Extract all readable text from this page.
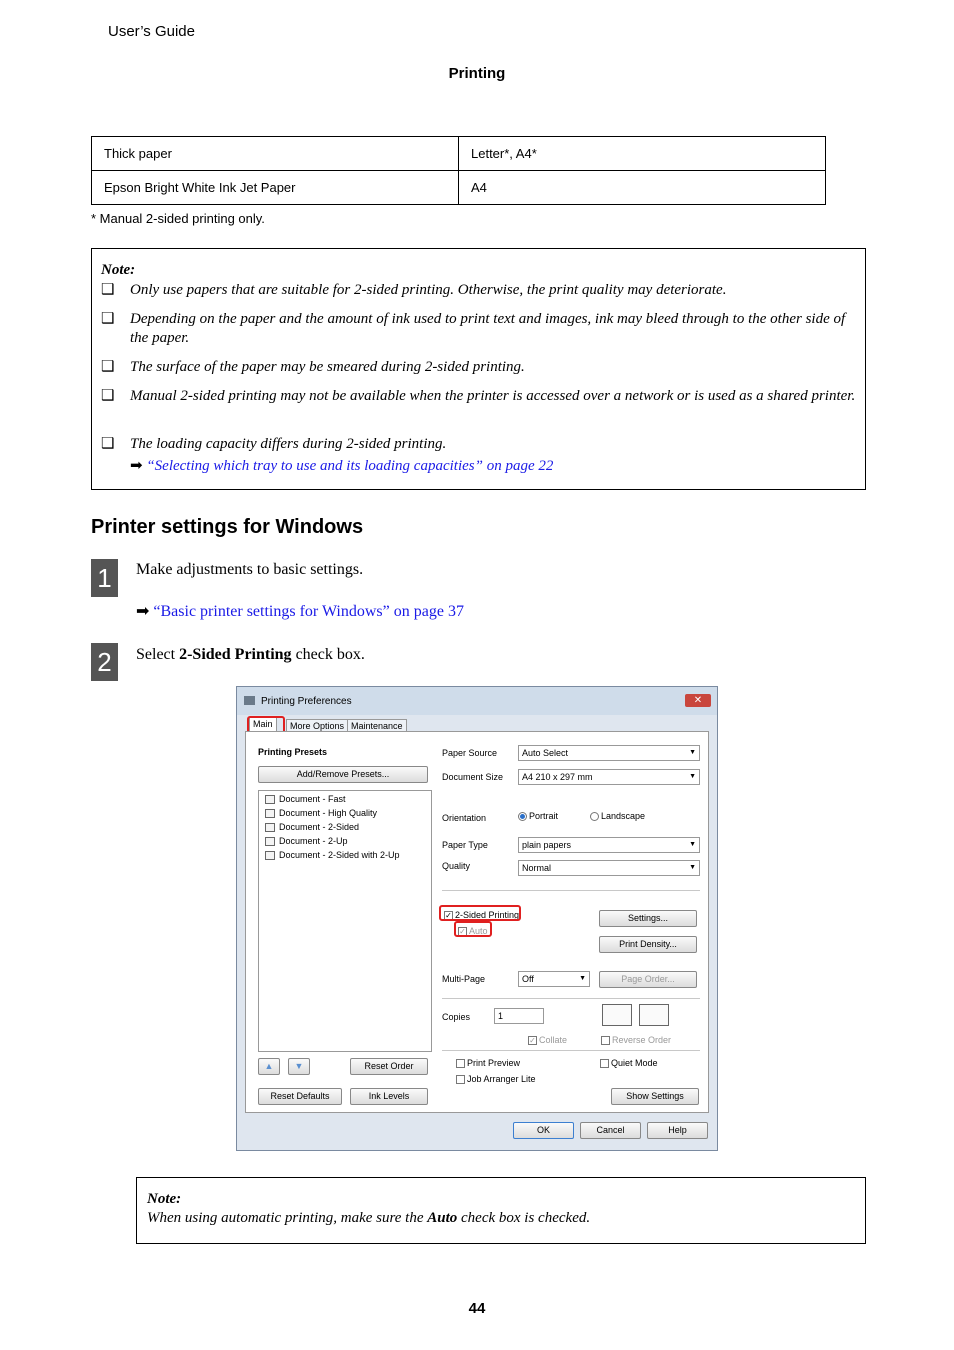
User’s Guide
Printing
Thick paper	Letter*, A4*
Epson Bright White Ink Jet Paper	A4
* Manual 2-sided printing only.
Note:
❑ Only use papers that are suitable for 2-sided printing. Otherwise, the print quality may deteriorate.
❑ Depending on the paper and the amount of ink used to print text and images, ink may bleed through to the other side of the paper.
❑ The surface of the paper may be smeared during 2-sided printing.
❑ Manual 2-sided printing may not be available when the printer is accessed over a network or is used as a shared printer.
❑ The loading capacity differs during 2-sided printing.
➡ “Selecting which tray to use and its loading capacities” on page 22
Printer settings for Windows
1	Make adjustments to basic settings.
➡ “Basic printer settings for Windows” on page 37
2	Select 2-Sided Printing check box.
Printing Preferences	✕
Main	More Options Maintenance
Printing Presets
Add/Remove Presets...
Document - Fast
Document - High Quality
Document - 2-Sided
Document - 2-Up
Document - 2-Sided with 2-Up
▲	▼	Reset Order
Reset Defaults	Ink Levels
Paper Source	Auto Select	▼
Document Size	A4 210 x 297 mm	▼
Orientation	Portrait	Landscape
Paper Type	plain papers	▼
Quality	Normal	▼
✓ 2-Sided Printing
✓ Auto
Settings...
Print Density...
Multi-Page	Off	▼	Page Order...
Copies	1
✓ Collate	Reverse Order
Print Preview
Job Arranger Lite
Quiet Mode
Show Settings
OK	Cancel	Help
Note:
When using automatic printing, make sure the Auto check box is checked.
44
